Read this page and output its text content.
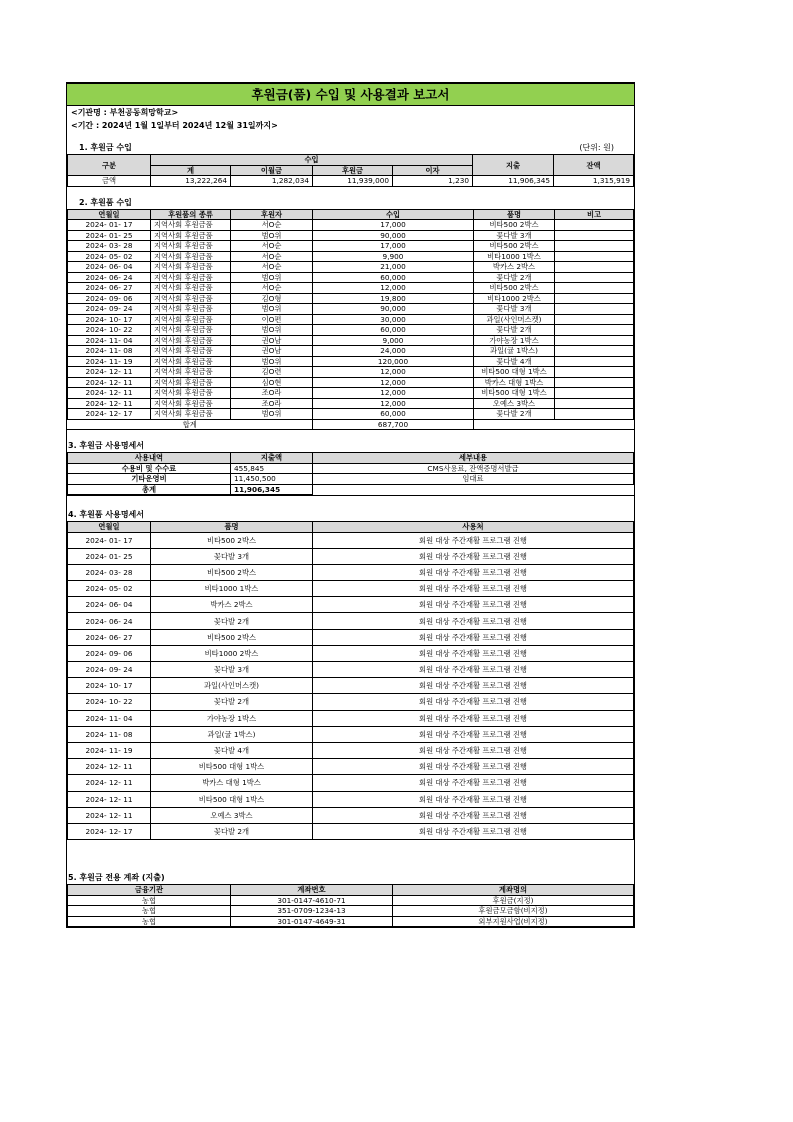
후원금(품) 수입 및 사용결과 보고서
<기관명 : 부천공동희망학교>
<기간 : 2024년 1월 1일부터 2024년 12월 31일까지>
1. 후원금 수입	(단위: 원)
구분	수입				지출	잔액
	계	이월금	후원금	이자		
금액	13,222,264	1,282,034	11,939,000	1,230	11,906,345	1,315,919
2. 후원품 수입
연월일	후원품의 종류	후원자	수입	품명	비고
2024- 01- 17	지역사회 후원금품	서O순	17,000	비타500 2박스	
2024- 01- 25	지역사회 후원금품	범O위	90,000	꽃다발 3개	
2024- 03- 28	지역사회 후원금품	서O순	17,000	비타500 2박스	
2024- 05- 02	지역사회 후원금품	서O순	9,900	비타1000 1박스	
2024- 06- 04	지역사회 후원금품	서O순	21,000	박카스 2박스	
2024- 06- 24	지역사회 후원금품	범O위	60,000	꽃다발 2개	
2024- 06- 27	지역사회 후원금품	서O순	12,000	비타500 2박스	
2024- 09- 06	지역사회 후원금품	김O형	19,800	비타1000 2박스	
2024- 09- 24	지역사회 후원금품	범O위	90,000	꽃다발 3개	
2024- 10- 17	지역사회 후원금품	이O편	30,000	과일(사인머스켓)	
2024- 10- 22	지역사회 후원금품	범O위	60,000	꽃다발 2개	
2024- 11- 04	지역사회 후원금품	권O남	9,000	가야농장 1박스	
2024- 11- 08	지역사회 후원금품	권O남	24,000	과일(귤 1박스)	
2024- 11- 19	지역사회 후원금품	범O위	120,000	꽃다발 4개	
2024- 12- 11	지역사회 후원금품	김O련	12,000	비타500 대형 1박스	
2024- 12- 11	지역사회 후원금품	심O현	12,000	박카스 대형 1박스	
2024- 12- 11	지역사회 후원금품	조O라	12,000	비타500 대형 1박스	
2024- 12- 11	지역사회 후원금품	조O라	12,000	오예스 3박스	
2024- 12- 17	지역사회 후원금품	범O위	60,000	꽃다발 2개	
합계			687,700		
3. 후원금 사용명세서
사용내역	지출액	세부내용
수용비 및 수수료	455,845	CMS사용료, 잔액증명서발급
기타운영비	11,450,500	임대료
총계	11,906,345	
4. 후원품 사용명세서
연월일	품명	사용처
2024- 01- 17	비타500 2박스	회원 대상 주간재활 프로그램 진행
2024- 01- 25	꽃다발 3개	회원 대상 주간재활 프로그램 진행
2024- 03- 28	비타500 2박스	회원 대상 주간재활 프로그램 진행
2024- 05- 02	비타1000 1박스	회원 대상 주간재활 프로그램 진행
2024- 06- 04	박카스 2박스	회원 대상 주간재활 프로그램 진행
2024- 06- 24	꽃다발 2개	회원 대상 주간재활 프로그램 진행
2024- 06- 27	비타500 2박스	회원 대상 주간재활 프로그램 진행
2024- 09- 06	비타1000 2박스	회원 대상 주간재활 프로그램 진행
2024- 09- 24	꽃다발 3개	회원 대상 주간재활 프로그램 진행
2024- 10- 17	과일(사인머스캣)	회원 대상 주간재활 프로그램 진행
2024- 10- 22	꽃다발 2개	회원 대상 주간재활 프로그램 진행
2024- 11- 04	가야농장 1박스	회원 대상 주간재활 프로그램 진행
2024- 11- 08	과일(귤 1박스)	회원 대상 주간재활 프로그램 진행
2024- 11- 19	꽃다발 4개	회원 대상 주간재활 프로그램 진행
2024- 12- 11	비타500 대형 1박스	회원 대상 주간재활 프로그램 진행
2024- 12- 11	박카스 대형 1박스	회원 대상 주간재활 프로그램 진행
2024- 12- 11	비타500 대형 1박스	회원 대상 주간재활 프로그램 진행
2024- 12- 11	오예스 3박스	회원 대상 주간재활 프로그램 진행
2024- 12- 17	꽃다발 2개	회원 대상 주간재활 프로그램 진행
5. 후원금 전용 계좌 (지출)
금융기관	계좌번호	계좌명의
농협	301-0147-4610-71	후원금(지정)
농협	351-0709-1234-13	후원금모금함(비지정)
농협	301-0147-4649-31	외부지원사업(비지정)
